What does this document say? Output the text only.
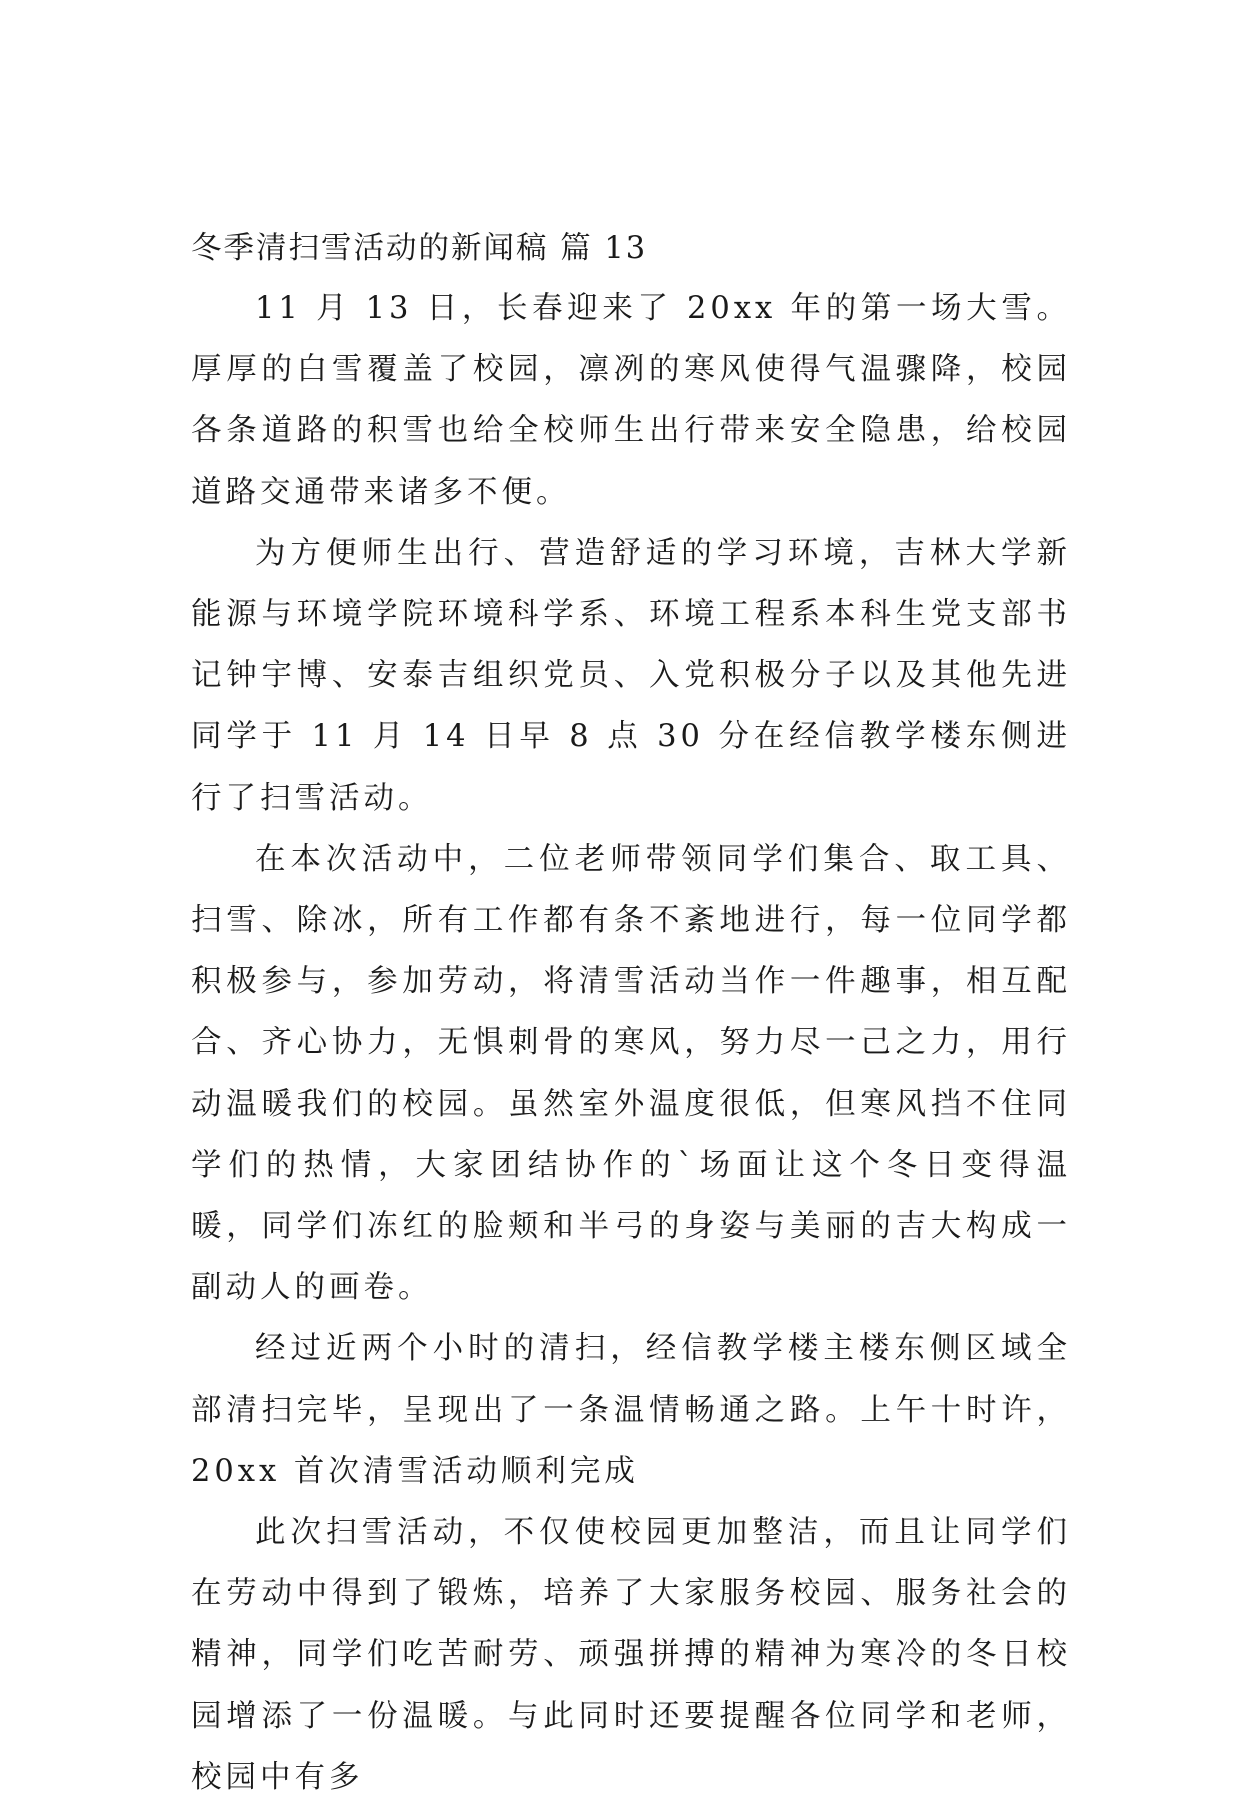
冬季清扫雪活动的新闻稿 篇 13

11 月 13 日，长春迎来了 20xx 年的第一场大雪。厚厚的白雪覆盖了校园，凛冽的寒风使得气温骤降，校园各条道路的积雪也给全校师生出行带来安全隐患，给校园道路交通带来诸多不便。

为方便师生出行、营造舒适的学习环境，吉林大学新能源与环境学院环境科学系、环境工程系本科生党支部书记钟宇博、安泰吉组织党员、入党积极分子以及其他先进同学于 11 月 14 日早 8 点 30 分在经信教学楼东侧进行了扫雪活动。

在本次活动中，二位老师带领同学们集合、取工具、扫雪、除冰，所有工作都有条不紊地进行，每一位同学都积极参与，参加劳动，将清雪活动当作一件趣事，相互配合、齐心协力，无惧刺骨的寒风，努力尽一己之力，用行动温暖我们的校园。虽然室外温度很低，但寒风挡不住同学们的热情，大家团结协作的`场面让这个冬日变得温暖，同学们冻红的脸颊和半弓的身姿与美丽的吉大构成一副动人的画卷。

经过近两个小时的清扫，经信教学楼主楼东侧区域全部清扫完毕，呈现出了一条温情畅通之路。上午十时许，20xx 首次清雪活动顺利完成

此次扫雪活动，不仅使校园更加整洁，而且让同学们在劳动中得到了锻炼，培养了大家服务校园、服务社会的精神，同学们吃苦耐劳、顽强拼搏的精神为寒冷的冬日校园增添了一份温暖。与此同时还要提醒各位同学和老师，校园中有多
